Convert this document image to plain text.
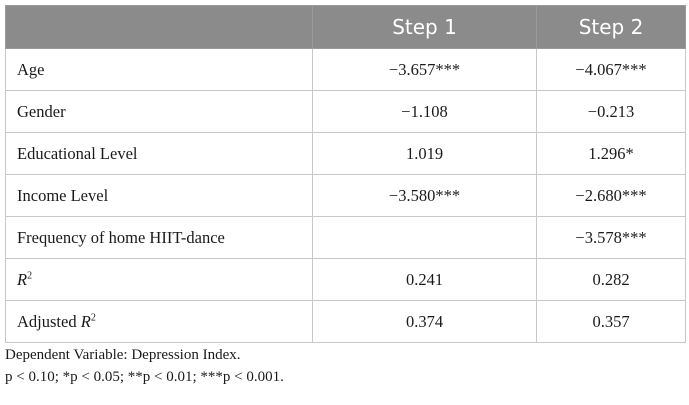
	Step 1	Step 2
Age	−3.657***	−4.067***
Gender	−1.108	−0.213
Educational Level	1.019	1.296*
Income Level	−3.580***	−2.680***
Frequency of home HIIT-dance		−3.578***
$R^2$	0.241	0.282
Adjusted $R^2$	0.374	0.357
Dependent Variable: Depression Index.
p < 0.10; *p < 0.05; **p < 0.01; ***p < 0.001.
